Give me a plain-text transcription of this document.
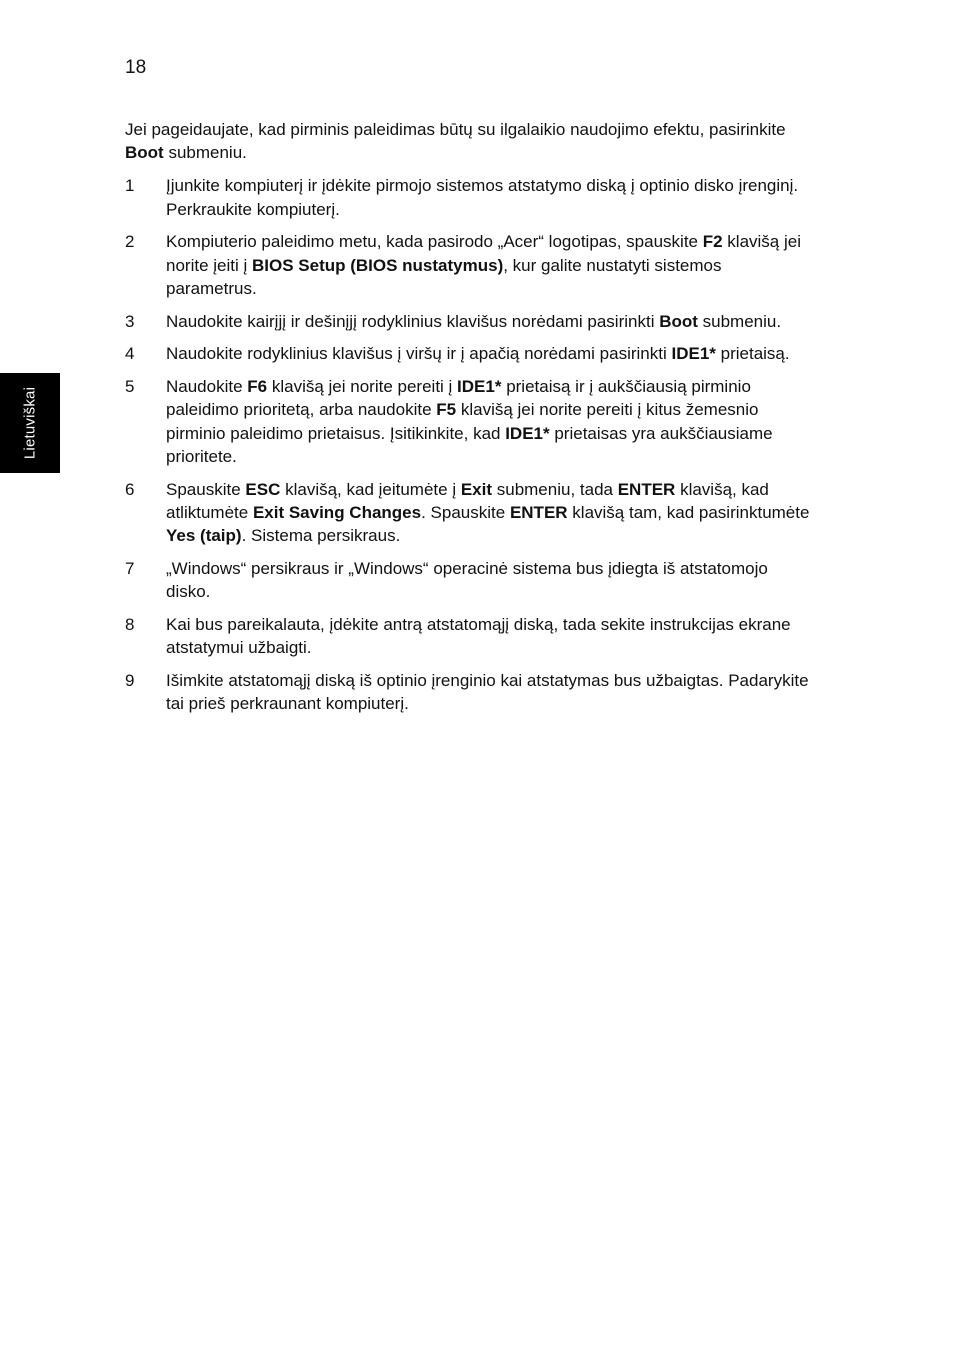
18
Lietuviškai

Jei pageidaujate, kad pirminis paleidimas būtų su ilgalaikio naudojimo efektu, pasirinkite Boot submeniu.

1	Įjunkite kompiuterį ir įdėkite pirmojo sistemos atstatymo diską į optinio disko įrenginį. Perkraukite kompiuterį.
2	Kompiuterio paleidimo metu, kada pasirodo „Acer“ logotipas, spauskite F2 klavišą jei norite įeiti į BIOS Setup (BIOS nustatymus), kur galite nustatyti sistemos parametrus.
3	Naudokite kairįjį ir dešinįjį rodyklinius klavišus norėdami pasirinkti Boot submeniu.
4	Naudokite rodyklinius klavišus į viršų ir į apačią norėdami pasirinkti IDE1* prietaisą.
5	Naudokite F6 klavišą jei norite pereiti į IDE1* prietaisą ir į aukščiausią pirminio paleidimo prioritetą, arba naudokite F5 klavišą jei norite pereiti į kitus žemesnio pirminio paleidimo prietaisus. Įsitikinkite, kad IDE1* prietaisas yra aukščiausiame prioritete.
6	Spauskite ESC klavišą, kad įeitumėte į Exit submeniu, tada ENTER klavišą, kad atliktumėte Exit Saving Changes. Spauskite ENTER klavišą tam, kad pasirinktumėte Yes (taip). Sistema persikraus.
7	„Windows“ persikraus ir „Windows“ operacinė sistema bus įdiegta iš atstatomojo disko.
8	Kai bus pareikalauta, įdėkite antrą atstatomąjį diską, tada sekite instrukcijas ekrane atstatymui užbaigti.
9	Išimkite atstatomąjį diską iš optinio įrenginio kai atstatymas bus užbaigtas. Padarykite tai prieš perkraunant kompiuterį.
